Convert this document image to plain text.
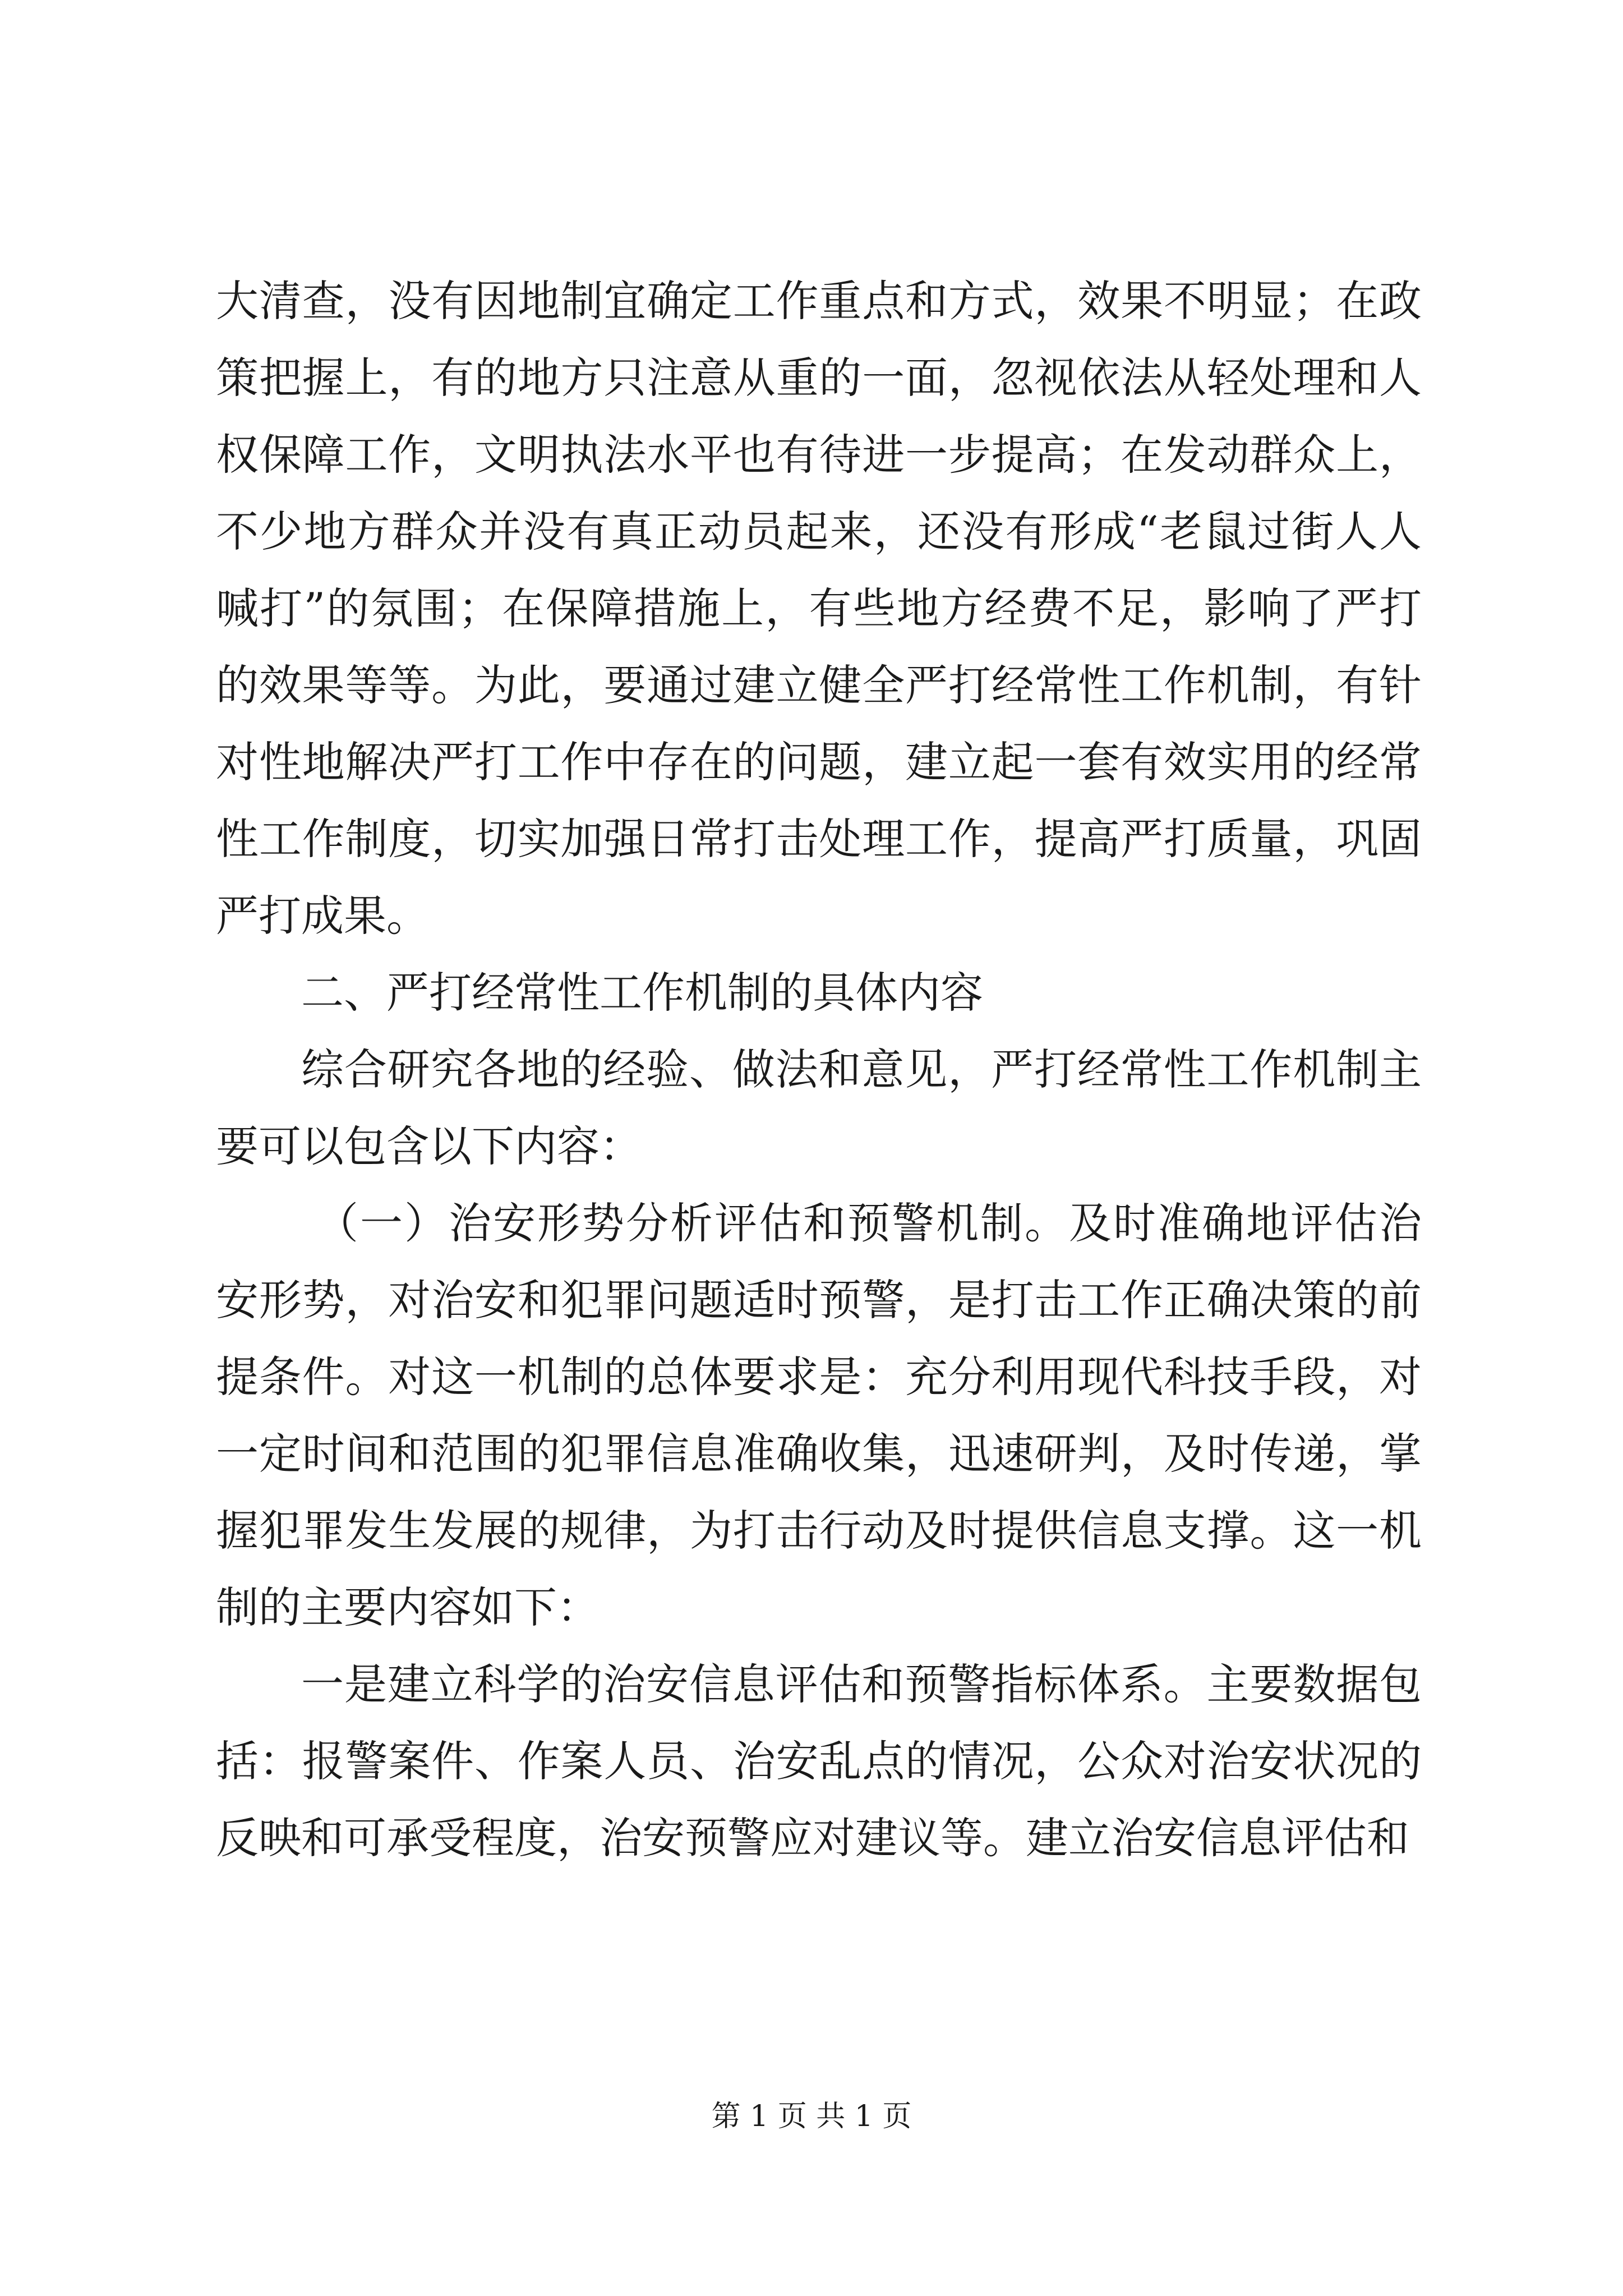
大清查，没有因地制宜确定工作重点和方式，效果不明显；在政策把握上，有的地方只注意从重的一面，忽视依法从轻处理和人权保障工作，文明执法水平也有待进一步提高；在发动群众上，不少地方群众并没有真正动员起来，还没有形成“老鼠过街人人喊打”的氛围；在保障措施上，有些地方经费不足，影响了严打的效果等等。为此，要通过建立健全严打经常性工作机制，有针对性地解决严打工作中存在的问题，建立起一套有效实用的经常性工作制度，切实加强日常打击处理工作，提高严打质量，巩固严打成果。

二、严打经常性工作机制的具体内容

综合研究各地的经验、做法和意见，严打经常性工作机制主要可以包含以下内容：

（一）治安形势分析评估和预警机制。及时准确地评估治安形势，对治安和犯罪问题适时预警，是打击工作正确决策的前提条件。对这一机制的总体要求是：充分利用现代科技手段，对一定时间和范围的犯罪信息准确收集，迅速研判，及时传递，掌握犯罪发生发展的规律，为打击行动及时提供信息支撑。这一机制的主要内容如下：

一是建立科学的治安信息评估和预警指标体系。主要数据包括：报警案件、作案人员、治安乱点的情况，公众对治安状况的反映和可承受程度，治安预警应对建议等。建立治安信息评估和

第 1 页 共 1 页
